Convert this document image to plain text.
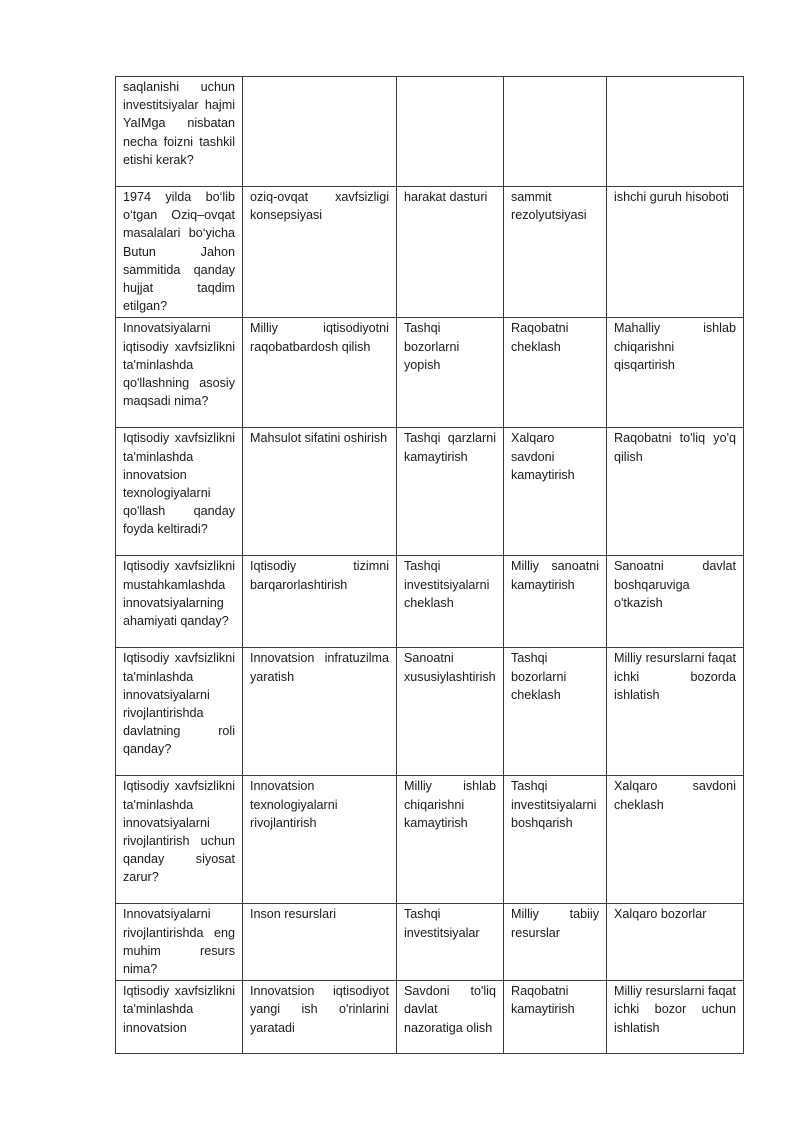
saqlanishi uchun investitsiyalar hajmi YaIMga nisbatan necha foizni tashkil etishi kerak?				
1974 yilda bo‘lib o‘tgan Oziq–ovqat masalalari bo‘yicha Butun Jahon sammitida qanday hujjat taqdim etilgan?	oziq-ovqat xavfsizligi konsepsiyasi	harakat dasturi	sammit rezolyutsiyasi	ishchi guruh hisoboti
Innovatsiyalarni iqtisodiy xavfsizlikni ta'minlashda qo'llashning asosiy maqsadi nima?	Milliy iqtisodiyotni raqobatbardosh qilish	Tashqi bozorlarni yopish	Raqobatni cheklash	Mahalliy ishlab chiqarishni qisqartirish
Iqtisodiy xavfsizlikni ta'minlashda innovatsion texnologiyalarni qo'llash qanday foyda keltiradi?	Mahsulot sifatini oshirish	Tashqi qarzlarni kamaytirish	Xalqaro savdoni kamaytirish	Raqobatni to'liq yo'q qilish
Iqtisodiy xavfsizlikni mustahkamlashda innovatsiyalarning ahamiyati qanday?	Iqtisodiy tizimni barqarorlashtirish	Tashqi investitsiyalarni cheklash	Milliy sanoatni kamaytirish	Sanoatni davlat boshqaruviga o'tkazish
Iqtisodiy xavfsizlikni ta'minlashda innovatsiyalarni rivojlantirishda davlatning roli qanday?	Innovatsion infratuzilma yaratish	Sanoatni xususiylashtirish	Tashqi bozorlarni cheklash	Milliy resurslarni faqat ichki bozorda ishlatish
Iqtisodiy xavfsizlikni ta'minlashda innovatsiyalarni rivojlantirish uchun qanday siyosat zarur?	Innovatsion texnologiyalarni rivojlantirish	Milliy ishlab chiqarishni kamaytirish	Tashqi investitsiyalarni boshqarish	Xalqaro savdoni cheklash
Innovatsiyalarni rivojlantirishda eng muhim resurs nima?	Inson resurslari	Tashqi investitsiyalar	Milliy tabiiy resurslar	Xalqaro bozorlar
Iqtisodiy xavfsizlikni ta'minlashda innovatsion	Innovatsion iqtisodiyot yangi ish o'rinlarini yaratadi	Savdoni to'liq davlat nazoratiga olish	Raqobatni kamaytirish	Milliy resurslarni faqat ichki bozor uchun ishlatish
